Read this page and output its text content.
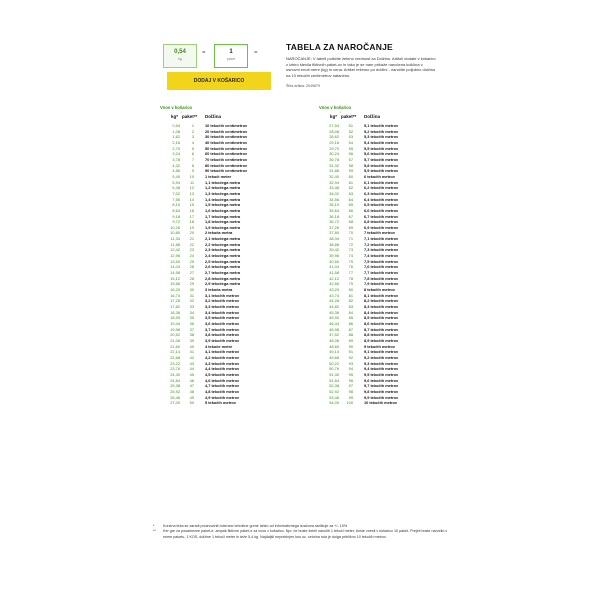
0,54
kg
=	1
paket
=
DODAJ V KOŠARICO
TABELA ZA NAROČANJE
NAROČANJE: V tabeli poiščite želeno vrednost za Dolžino. Artikel dodate v košarico z izbiro števila fiktivnih paket-ov in tako je se nam prikaže naročena količina v osnovni enoti mere (kg) in cena. Artikel režemo po dolžini - naročite poljubno dolžino na 10 tekočih centimetrov natančno.
Šifra artikla: 2049879
Vnos v košarico
↓
kg* paket** Dolžina
0,54	1	10 tekočih centimetrov
1,08	2	20 tekočih centimetrov
1,62	3	30 tekočih centimetrov
2,16	4	40 tekočih centimetrov
2,70	5	50 tekočih centimetrov
3,24	6	60 tekočih centimetrov
3,78	7	70 tekočih centimetrov
4,32	8	80 tekočih centimetrov
4,86	9	90 tekočih centimetrov
5,40	10	1 tekoči meter
5,94	11	1,1 tekočega metra
6,48	12	1,2 tekočega metra
7,02	13	1,3 tekočega metra
7,56	14	1,4 tekočega metra
8,10	15	1,5 tekočega metra
8,64	16	1,6 tekočega metra
9,18	17	1,7 tekočega metra
9,72	18	1,8 tekočega metra
10,26	19	1,9 tekočega metra
10,80	20	2 tekoča metra
11,34	21	2,1 tekočega metra
11,88	22	2,2 tekočega metra
12,42	23	2,3 tekočega metra
12,96	24	2,4 tekočega metra
13,50	25	2,5 tekočega metra
14,04	26	2,6 tekočega metra
14,58	27	2,7 tekočega metra
15,12	28	2,8 tekočega metra
15,66	29	2,9 tekočega metra
16,20	30	3 tekoča metra
16,74	31	3,1 tekočih metrov
17,28	32	3,2 tekočih metrov
17,82	33	3,3 tekočih metrov
18,36	34	3,4 tekočih metrov
18,90	35	3,5 tekočih metrov
19,44	36	3,6 tekočih metrov
19,98	37	3,7 tekočih metrov
20,52	38	3,8 tekočih metrov
21,06	39	3,9 tekočih metrov
21,60	40	4 tekoče metre
22,14	41	4,1 tekočih metrov
22,68	42	4,2 tekočih metrov
23,22	43	4,3 tekočih metrov
23,76	44	4,4 tekočih metrov
24,30	45	4,5 tekočih metrov
24,84	46	4,6 tekočih metrov
25,38	47	4,7 tekočih metrov
25,92	48	4,8 tekočih metrov
26,46	49	4,9 tekočih metrov
27,00	50	5 tekočih metrov
Vnos v košarico
↓
kg* paket** Dolžina
27,54	51	5,1 tekočih metrov
28,08	52	5,2 tekočih metrov
28,62	53	5,3 tekočih metrov
29,16	54	5,4 tekočih metrov
29,70	55	5,5 tekočih metrov
30,24	56	5,6 tekočih metrov
30,78	57	5,7 tekočih metrov
31,32	58	5,8 tekočih metrov
31,86	59	5,9 tekočih metrov
32,40	60	6 tekočih metrov
32,94	61	6,1 tekočih metrov
33,48	62	6,2 tekočih metrov
34,02	63	6,3 tekočih metrov
34,56	64	6,4 tekočih metrov
35,10	65	6,5 tekočih metrov
35,64	66	6,6 tekočih metrov
36,18	67	6,7 tekočih metrov
36,72	68	6,8 tekočih metrov
37,26	69	6,9 tekočih metrov
37,80	70	7 tekočih metrov
38,34	71	7,1 tekočih metrov
38,88	72	7,2 tekočih metrov
39,42	73	7,3 tekočih metrov
39,96	74	7,4 tekočih metrov
40,50	75	7,5 tekočih metrov
41,04	76	7,6 tekočih metrov
41,58	77	7,7 tekočih metrov
42,12	78	7,8 tekočih metrov
42,66	79	7,9 tekočih metrov
43,20	80	8 tekočih metrov
43,74	81	8,1 tekočih metrov
44,28	82	8,2 tekočih metrov
44,82	83	8,3 tekočih metrov
45,36	84	8,4 tekočih metrov
45,90	85	8,5 tekočih metrov
46,44	86	8,6 tekočih metrov
46,98	87	8,7 tekočih metrov
47,52	88	8,8 tekočih metrov
48,06	89	8,9 tekočih metrov
48,60	90	9 tekočih metrov
49,14	91	9,1 tekočih metrov
49,68	92	9,2 tekočih metrov
50,22	93	9,3 tekočih metrov
50,76	94	9,4 tekočih metrov
51,30	95	9,5 tekočih metrov
51,84	96	9,6 tekočih metrov
52,38	97	9,7 tekočih metrov
52,92	98	9,8 tekočih metrov
53,46	99	9,9 tekočih metrov
54,00	100	10 tekočih metrov
* Končna teža se zaradi proizvodnih toleranc tehnične gume lahko od informativnega izračuna razlikuje za +/- 10%
** Ker gre za posamezne paket-e, ampak fiktivne paket-e za vnos v košarico. Npr. če boste želeli naročiti 1 tekoči meter, boste vnesli v košarico 10 paket. Prejeli boste naročilo v enem paketu, 1 KOS, dolžine 1 tekoči meter in teže 5,4 kg. Najdaljši neprekinjen kos oz. celotna rola je dolga približno 10 tekočih metrov.
